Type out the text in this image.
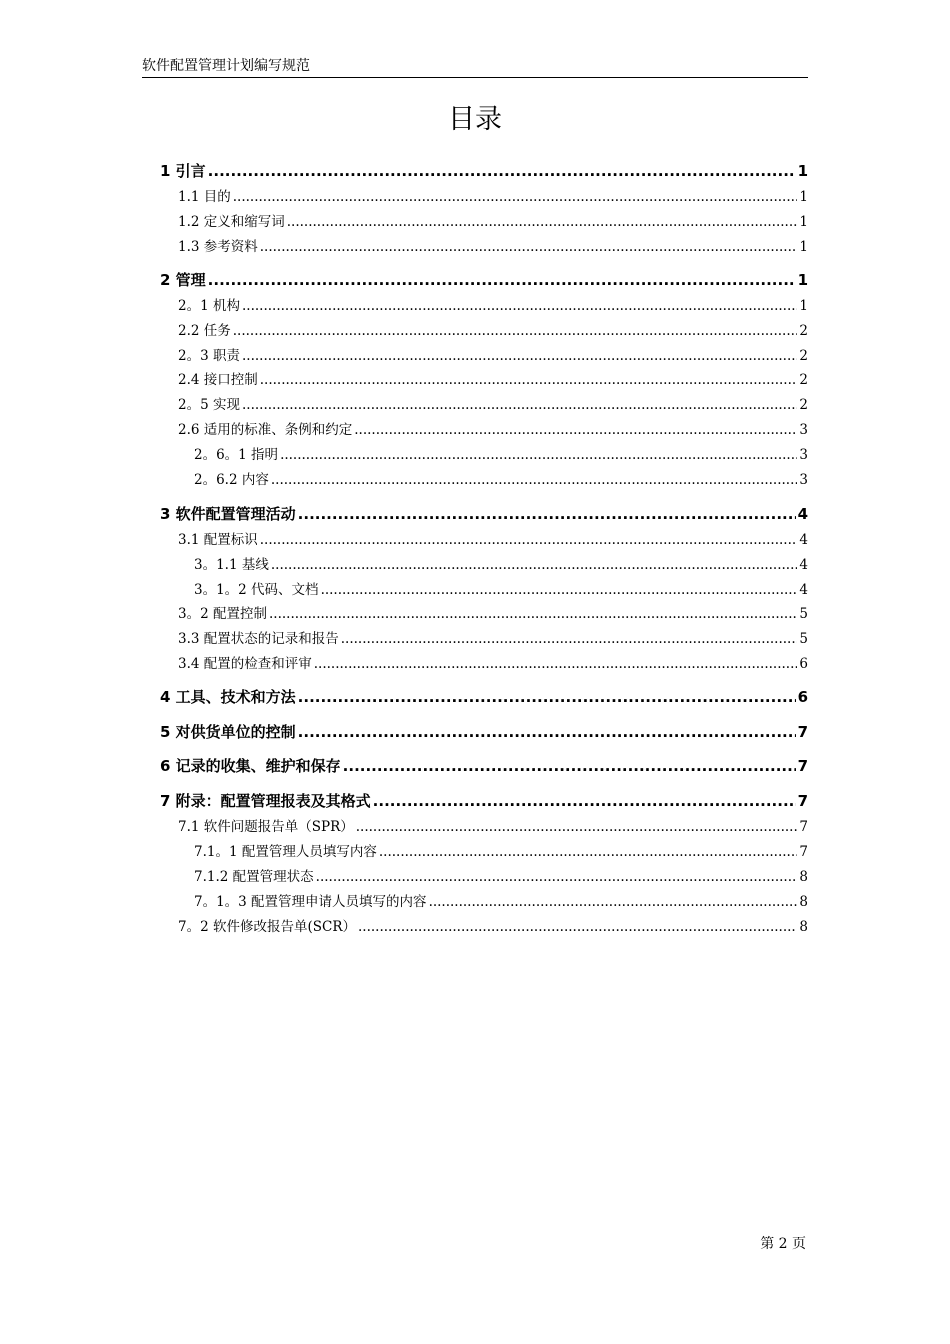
软件配置管理计划编写规范
目录
1 引言 .....	1
1.1 目的 .....	1
1.2 定义和缩写词 .....	1
1.3 参考资料 .....	1
2 管理 .....	1
2。1 机构 .....	1
2.2 任务 .....	2
2。3 职责 .....	2
2.4 接口控制 .....	2
2。5 实现 .....	2
2.6 适用的标准、条例和约定 .....	3
2。6。1 指明 .....	3
2。6.2 内容 .....	3
3 软件配置管理活动 .....	4
3.1 配置标识 .....	4
3。1.1 基线 .....	4
3。1。2 代码、文档 .....	4
3。2 配置控制 .....	5
3.3 配置状态的记录和报告 .....	5
3.4 配置的检查和评审 .....	6
4 工具、技术和方法 .....	6
5 对供货单位的控制 .....	7
6 记录的收集、维护和保存 .....	7
7 附录：配置管理报表及其格式 .....	7
7.1 软件问题报告单（SPR） .....	7
7.1。1 配置管理人员填写内容 .....	7
7.1.2 配置管理状态 .....	8
7。1。3 配置管理申请人员填写的内容 .....	8
7。2 软件修改报告单(SCR） .....	8
第 2 页
